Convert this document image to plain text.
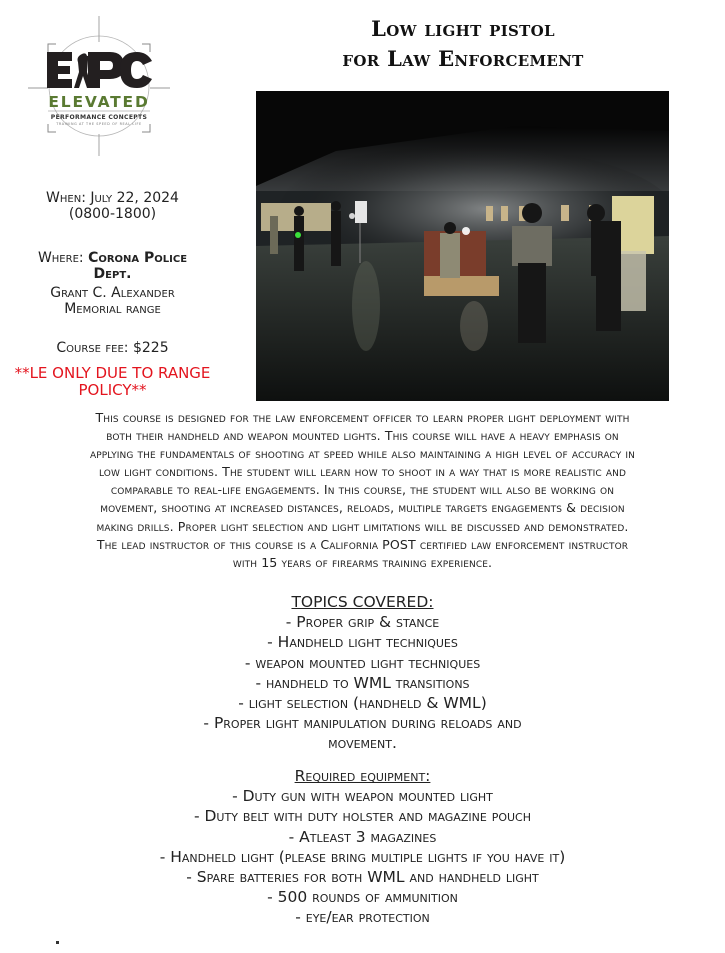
ELEVATED
PERFORMANCE CONCEPTS
TRAINING AT THE SPEED OF REAL LIFE
Low light pistol
for Law Enforcement
When: July 22, 2024
(0800-1800)
Where: Corona Police
Dept.
Grant C. Alexander
Memorial range
Course fee: $225
**LE ONLY DUE TO RANGE
POLICY**
This course is designed for the law enforcement officer to learn proper light deployment with
both their handheld and weapon mounted lights. This course will have a heavy emphasis on
applying the fundamentals of shooting at speed while also maintaining a high level of accuracy in
low light conditions. The student will learn how to shoot in a way that is more realistic and
comparable to real-life engagements. In this course, the student will also be working on
movement, shooting at increased distances, reloads, multiple targets engagements & decision
making drills. Proper light selection and light limitations will be discussed and demonstrated.
The lead instructor of this course is a California POST certified law enforcement instructor
with 15 years of firearms training experience.
TOPICS COVERED:
- Proper grip & stance
- Handheld light techniques
- weapon mounted light techniques
- handheld to WML transitions
- light selection (handheld & WML)
- Proper light manipulation during reloads and
movement.
Required equipment:
- Duty gun with weapon mounted light
- Duty belt with duty holster and magazine pouch
- Atleast 3 magazines
- Handheld light (please bring multiple lights if you have it)
- Spare batteries for both WML and handheld light
- 500 rounds of ammunition
- eye/ear protection
